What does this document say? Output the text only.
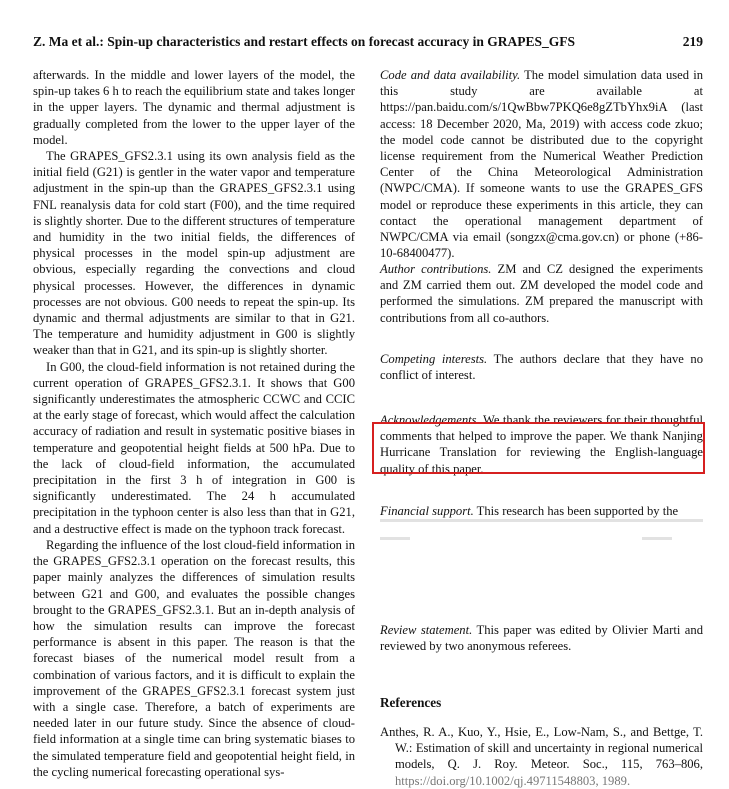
Z. Ma et al.: Spin-up characteristics and restart effects on forecast accuracy in GRAPES_GFS	219

afterwards. In the middle and lower layers of the model, the spin-up takes 6 h to reach the equilibrium state and takes longer in the upper layers. The dynamic and thermal adjustment is gradually completed from the lower to the upper layer of the model.

The GRAPES_GFS2.3.1 using its own analysis field as the initial field (G21) is gentler in the water vapor and temperature adjustment in the spin-up than the GRAPES_GFS2.3.1 using FNL reanalysis data for cold start (F00), and the time required is slightly shorter. Due to the different structures of temperature and humidity in the two initial fields, the differences of physical processes in the model spin-up adjustment are obvious, especially regarding the convections and cloud physical processes. However, the differences in dynamic processes are not obvious. G00 needs to repeat the spin-up. Its dynamic and thermal adjustments are similar to that in G21. The temperature and humidity adjustment in G00 is slightly weaker than that in G21, and its spin-up is slightly shorter.

In G00, the cloud-field information is not retained during the current operation of GRAPES_GFS2.3.1. It shows that G00 significantly underestimates the atmospheric CCWC and CCIC at the early stage of forecast, which would affect the calculation accuracy of radiation and result in systematic positive biases in temperature and geopotential height fields at 500 hPa. Due to the lack of cloud-field information, the accumulated precipitation in the first 3 h of integration in G00 is significantly underestimated. The 24 h accumulated precipitation in the typhoon center is also less than that in G21, and a destructive effect is made on the typhoon track forecast.

Regarding the influence of the lost cloud-field information in the GRAPES_GFS2.3.1 operation on the forecast results, this paper mainly analyzes the differences of simulation results between G21 and G00, and evaluates the possible changes brought to the GRAPES_GFS2.3.1. But an in-depth analysis of how the simulation results can improve the forecast performance is absent in this paper. The reason is that the forecast biases of the numerical model result from a combination of various factors, and it is difficult to explain the improvement of the GRAPES_GFS2.3.1 forecast system just with a single case. Therefore, a batch of experiments are needed later in our future study. Since the absence of cloud-field information at a single time can bring systematic biases to the simulated temperature field and geopotential height field, in the cycling numerical forecasting operational sys-

Code and data availability. The model simulation data used in this study are available at https://pan.baidu.com/s/1QwBbw7PKQ6e8gZTbYhx9iA (last access: 18 December 2020, Ma, 2019) with access code zkuo; the model code cannot be distributed due to the copyright license requirement from the Numerical Weather Prediction Center of the China Meteorological Administration (NWPC/CMA). If someone wants to use the GRAPES_GFS model or reproduce these experiments in this article, they can contact the operational management department of NWPC/CMA via email (songzx@cma.gov.cn) or phone (+86-10-68400477).

Author contributions. ZM and CZ designed the experiments and ZM carried them out. ZM developed the model code and performed the simulations. ZM prepared the manuscript with contributions from all co-authors.

Competing interests. The authors declare that they have no conflict of interest.

Acknowledgements. We thank the reviewers for their thoughtful comments that helped to improve the paper. We thank Nanjing Hurricane Translation for reviewing the English-language quality of this paper.

Financial support. This research has been supported by the

Review statement. This paper was edited by Olivier Marti and reviewed by two anonymous referees.

References
Anthes, R. A., Kuo, Y., Hsie, E., Low-Nam, S., and Bettge, T. W.: Estimation of skill and uncertainty in regional numerical models, Q. J. Roy. Meteor. Soc., 115, 763–806, https://doi.org/10.1002/qj.49711548803, 1989.
